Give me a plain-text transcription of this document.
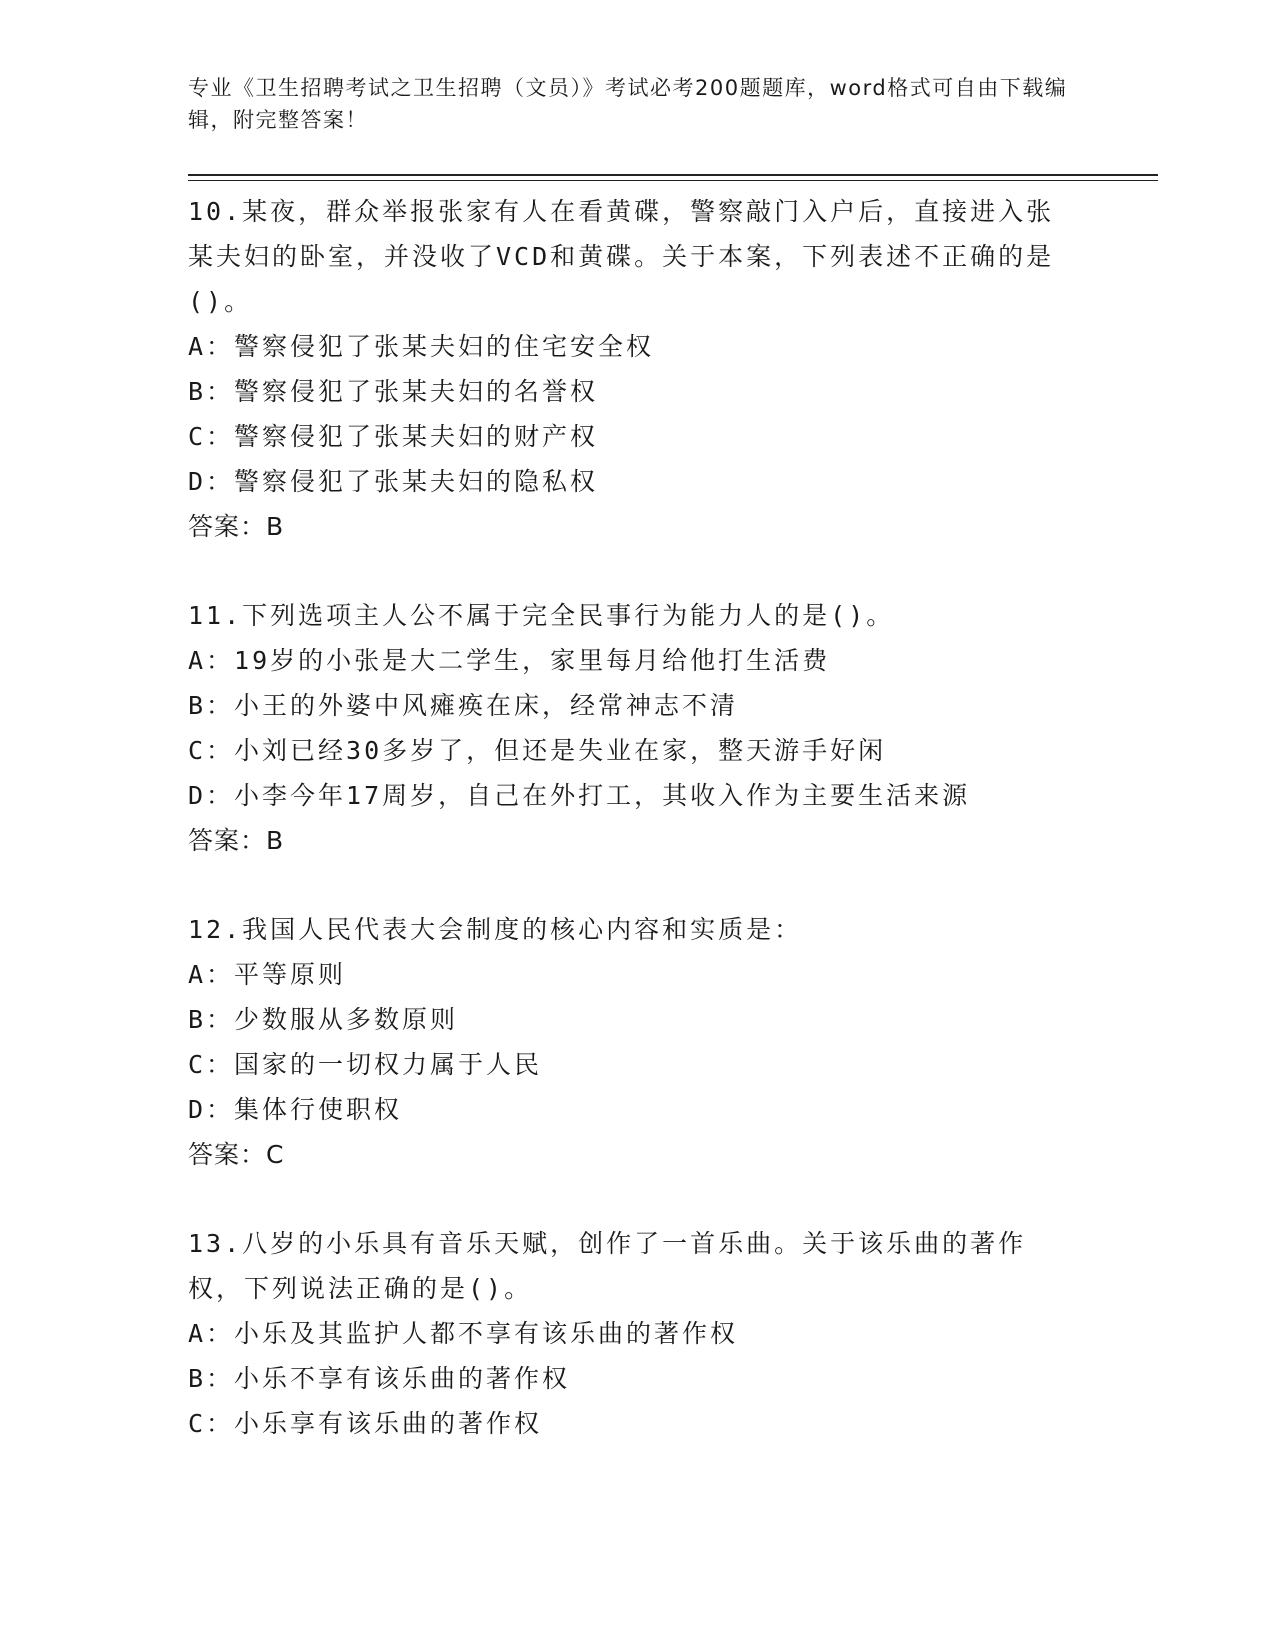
专业《卫生招聘考试之卫生招聘（文员）》考试必考200题题库，word格式可自由下载编辑，附完整答案！

10.某夜，群众举报张家有人在看黄碟，警察敲门入户后，直接进入张某夫妇的卧室，并没收了VCD和黄碟。关于本案，下列表述不正确的是()。

A：警察侵犯了张某夫妇的住宅安全权

B：警察侵犯了张某夫妇的名誉权

C：警察侵犯了张某夫妇的财产权

D：警察侵犯了张某夫妇的隐私权

答案：B

11.下列选项主人公不属于完全民事行为能力人的是()。

A：19岁的小张是大二学生，家里每月给他打生活费

B：小王的外婆中风瘫痪在床，经常神志不清

C：小刘已经30多岁了，但还是失业在家，整天游手好闲

D：小李今年17周岁，自己在外打工，其收入作为主要生活来源

答案：B

12.我国人民代表大会制度的核心内容和实质是：

A：平等原则

B：少数服从多数原则

C：国家的一切权力属于人民

D：集体行使职权

答案：C

13.八岁的小乐具有音乐天赋，创作了一首乐曲。关于该乐曲的著作权，下列说法正确的是()。

A：小乐及其监护人都不享有该乐曲的著作权

B：小乐不享有该乐曲的著作权

C：小乐享有该乐曲的著作权
